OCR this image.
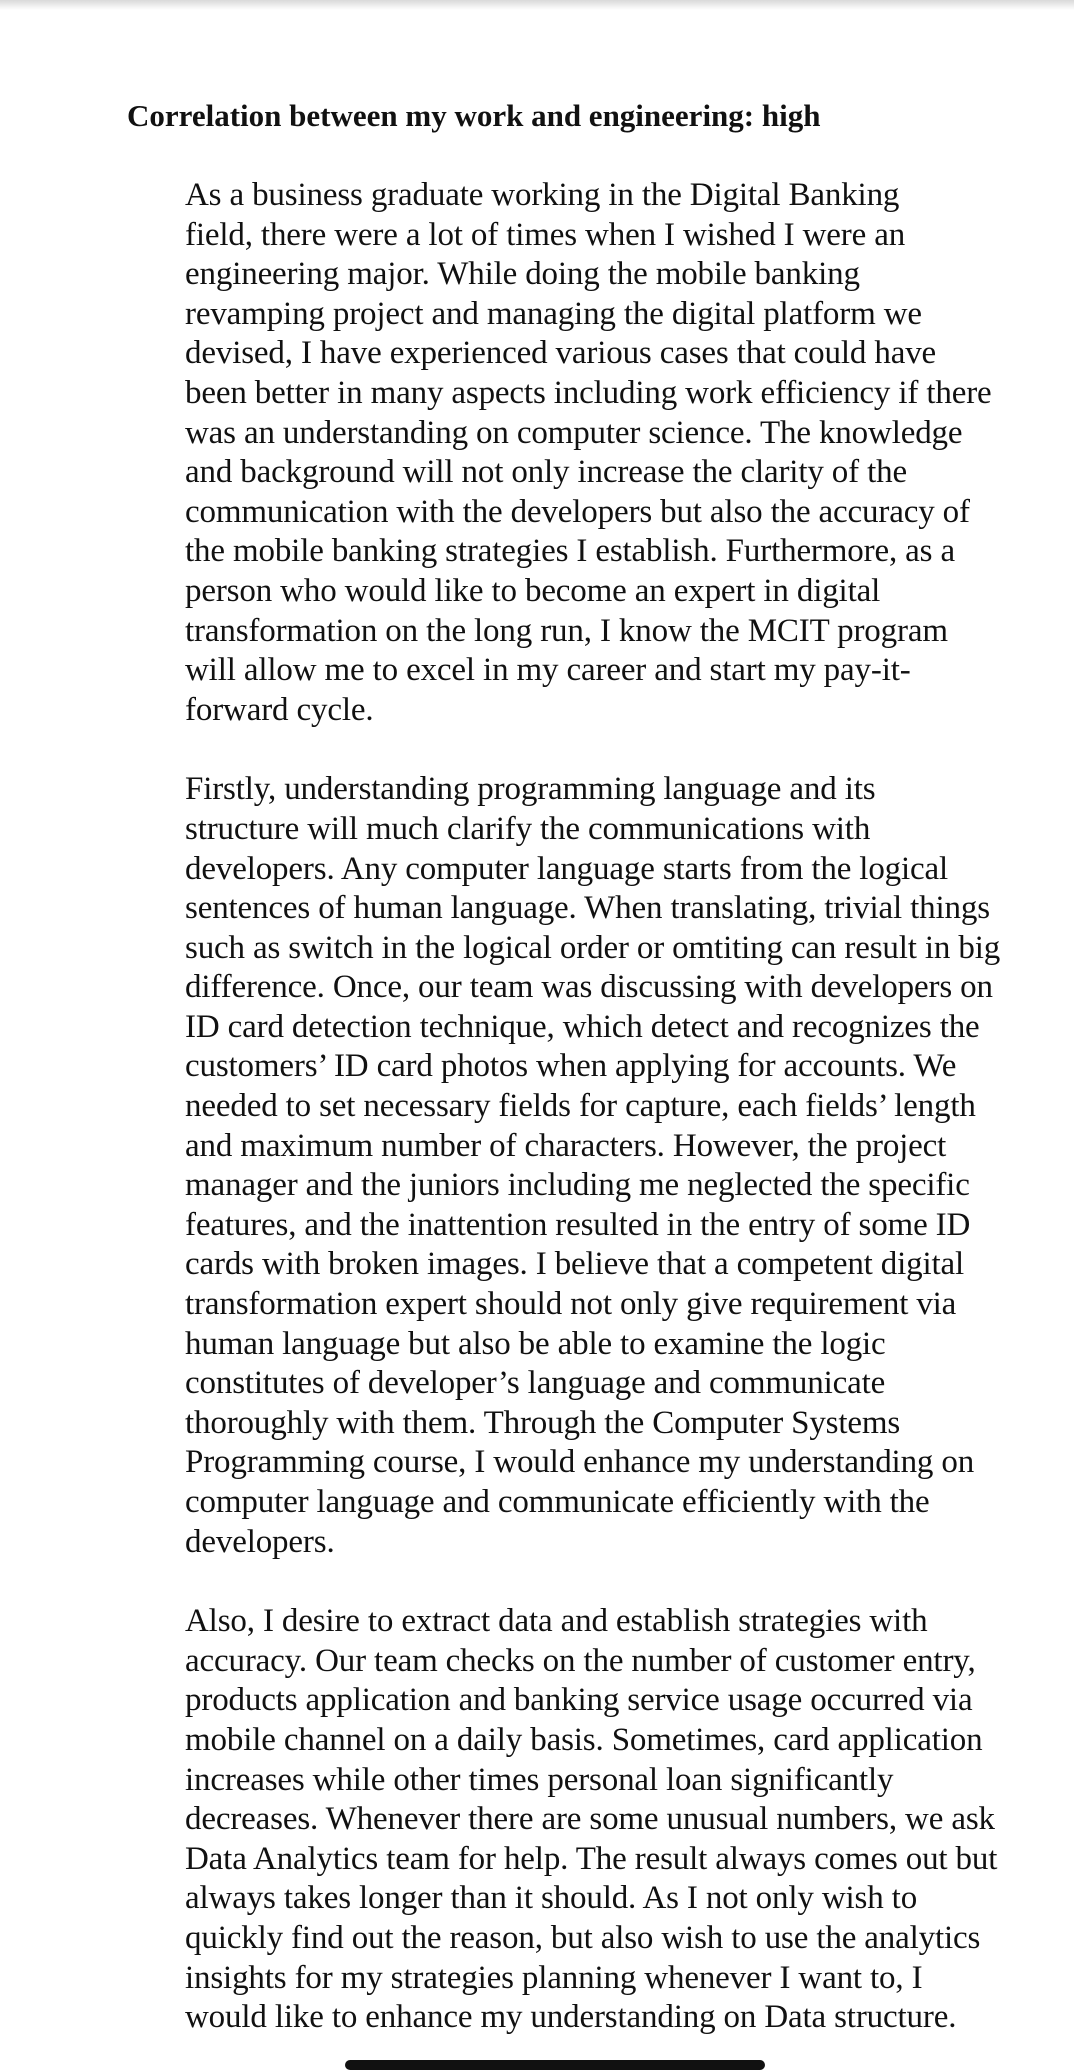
Correlation between my work and engineering: high

As a business graduate working in the Digital Banking
field, there were a lot of times when I wished I were an
engineering major. While doing the mobile banking
revamping project and managing the digital platform we
devised, I have experienced various cases that could have
been better in many aspects including work efficiency if there
was an understanding on computer science. The knowledge
and background will not only increase the clarity of the
communication with the developers but also the accuracy of
the mobile banking strategies I establish. Furthermore, as a
person who would like to become an expert in digital
transformation on the long run, I know the MCIT program
will allow me to excel in my career and start my pay-it-
forward cycle.

Firstly, understanding programming language and its
structure will much clarify the communications with
developers. Any computer language starts from the logical
sentences of human language. When translating, trivial things
such as switch in the logical order or omtiting can result in big
difference. Once, our team was discussing with developers on
ID card detection technique, which detect and recognizes the
customers’ ID card photos when applying for accounts. We
needed to set necessary fields for capture, each fields’ length
and maximum number of characters. However, the project
manager and the juniors including me neglected the specific
features, and the inattention resulted in the entry of some ID
cards with broken images. I believe that a competent digital
transformation expert should not only give requirement via
human language but also be able to examine the logic
constitutes of developer’s language and communicate
thoroughly with them. Through the Computer Systems
Programming course, I would enhance my understanding on
computer language and communicate efficiently with the
developers.

Also, I desire to extract data and establish strategies with
accuracy. Our team checks on the number of customer entry,
products application and banking service usage occurred via
mobile channel on a daily basis. Sometimes, card application
increases while other times personal loan significantly
decreases. Whenever there are some unusual numbers, we ask
Data Analytics team for help. The result always comes out but
always takes longer than it should. As I not only wish to
quickly find out the reason, but also wish to use the analytics
insights for my strategies planning whenever I want to, I
would like to enhance my understanding on Data structure.
